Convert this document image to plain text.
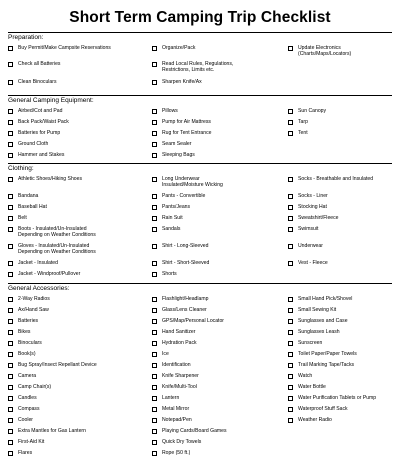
Short Term Camping Trip Checklist
Preparation:
Buy Permit/Make Campsite Reservations
Check all Batteries
Clean Binoculars
Organize/Pack
Read Local Rules, Regulations,
Restrictions, Limits etc.
Sharpen Knife/Ax
Update Electronics
(Charts/Maps/Locators)
General Camping Equipment:
Airbed/Cot and Pad
Back Pack/Waist Pack
Batteries for Pump
Ground Cloth
Hammer and Stakes
Pillows
Pump for Air Mattress
Rug for Tent Entrance
Seam Sealer
Sleeping Bags
Sun Canopy
Tarp
Tent
Clothing:
Athletic Shoes/Hiking Shoes
Bandana
Baseball Hat
Belt
Boots - Insulated/Un-Insulated
Depending on Weather Conditions
Gloves - Insulated/Un-Insulated
Depending on Weather Conditions
Jacket - Insulated
Jacket - Windproof/Pullover
Long Underwear
Insulated/Moisture Wicking
Pants - Convertible
Pants/Jeans
Rain Suit
Sandals
Shirt - Long-Sleeved
Shirt - Short-Sleeved
Shorts
Socks - Breathable and Insulated
Socks - Liner
Stocking Hat
Sweatshirt/Fleece
Swimsuit
Underwear
Vest - Fleece
General Accessories:
2-Way Radios
Ax/Hand Saw
Batteries
Bikes
Binoculars
Book(s)
Bug Spray/Insect Repellant Device
Camera
Camp Chair(s)
Candles
Compass
Cooler
Extra Mantles for Gas Lantern
First-Aid Kit
Flares
Flashlight/Headlamp
Glass/Lens Cleaner
GPS/Map/Personal Locator
Hand Sanitizer
Hydration Pack
Ice
Identification
Knife Sharpener
Knife/Multi-Tool
Lantern
Metal Mirror
Notepad/Pen
Playing Cards/Board Games
Quick Dry Towels
Rope (50 ft.)
Small Hand Pick/Shovel
Small Sewing Kit
Sunglasses and Case
Sunglasses Leash
Sunscreen
Toilet Paper/Paper Towels
Trail Marking Tape/Tacks
Watch
Water Bottle
Water Purification Tablets or Pump
Waterproof Stuff Sack
Weather Radio
